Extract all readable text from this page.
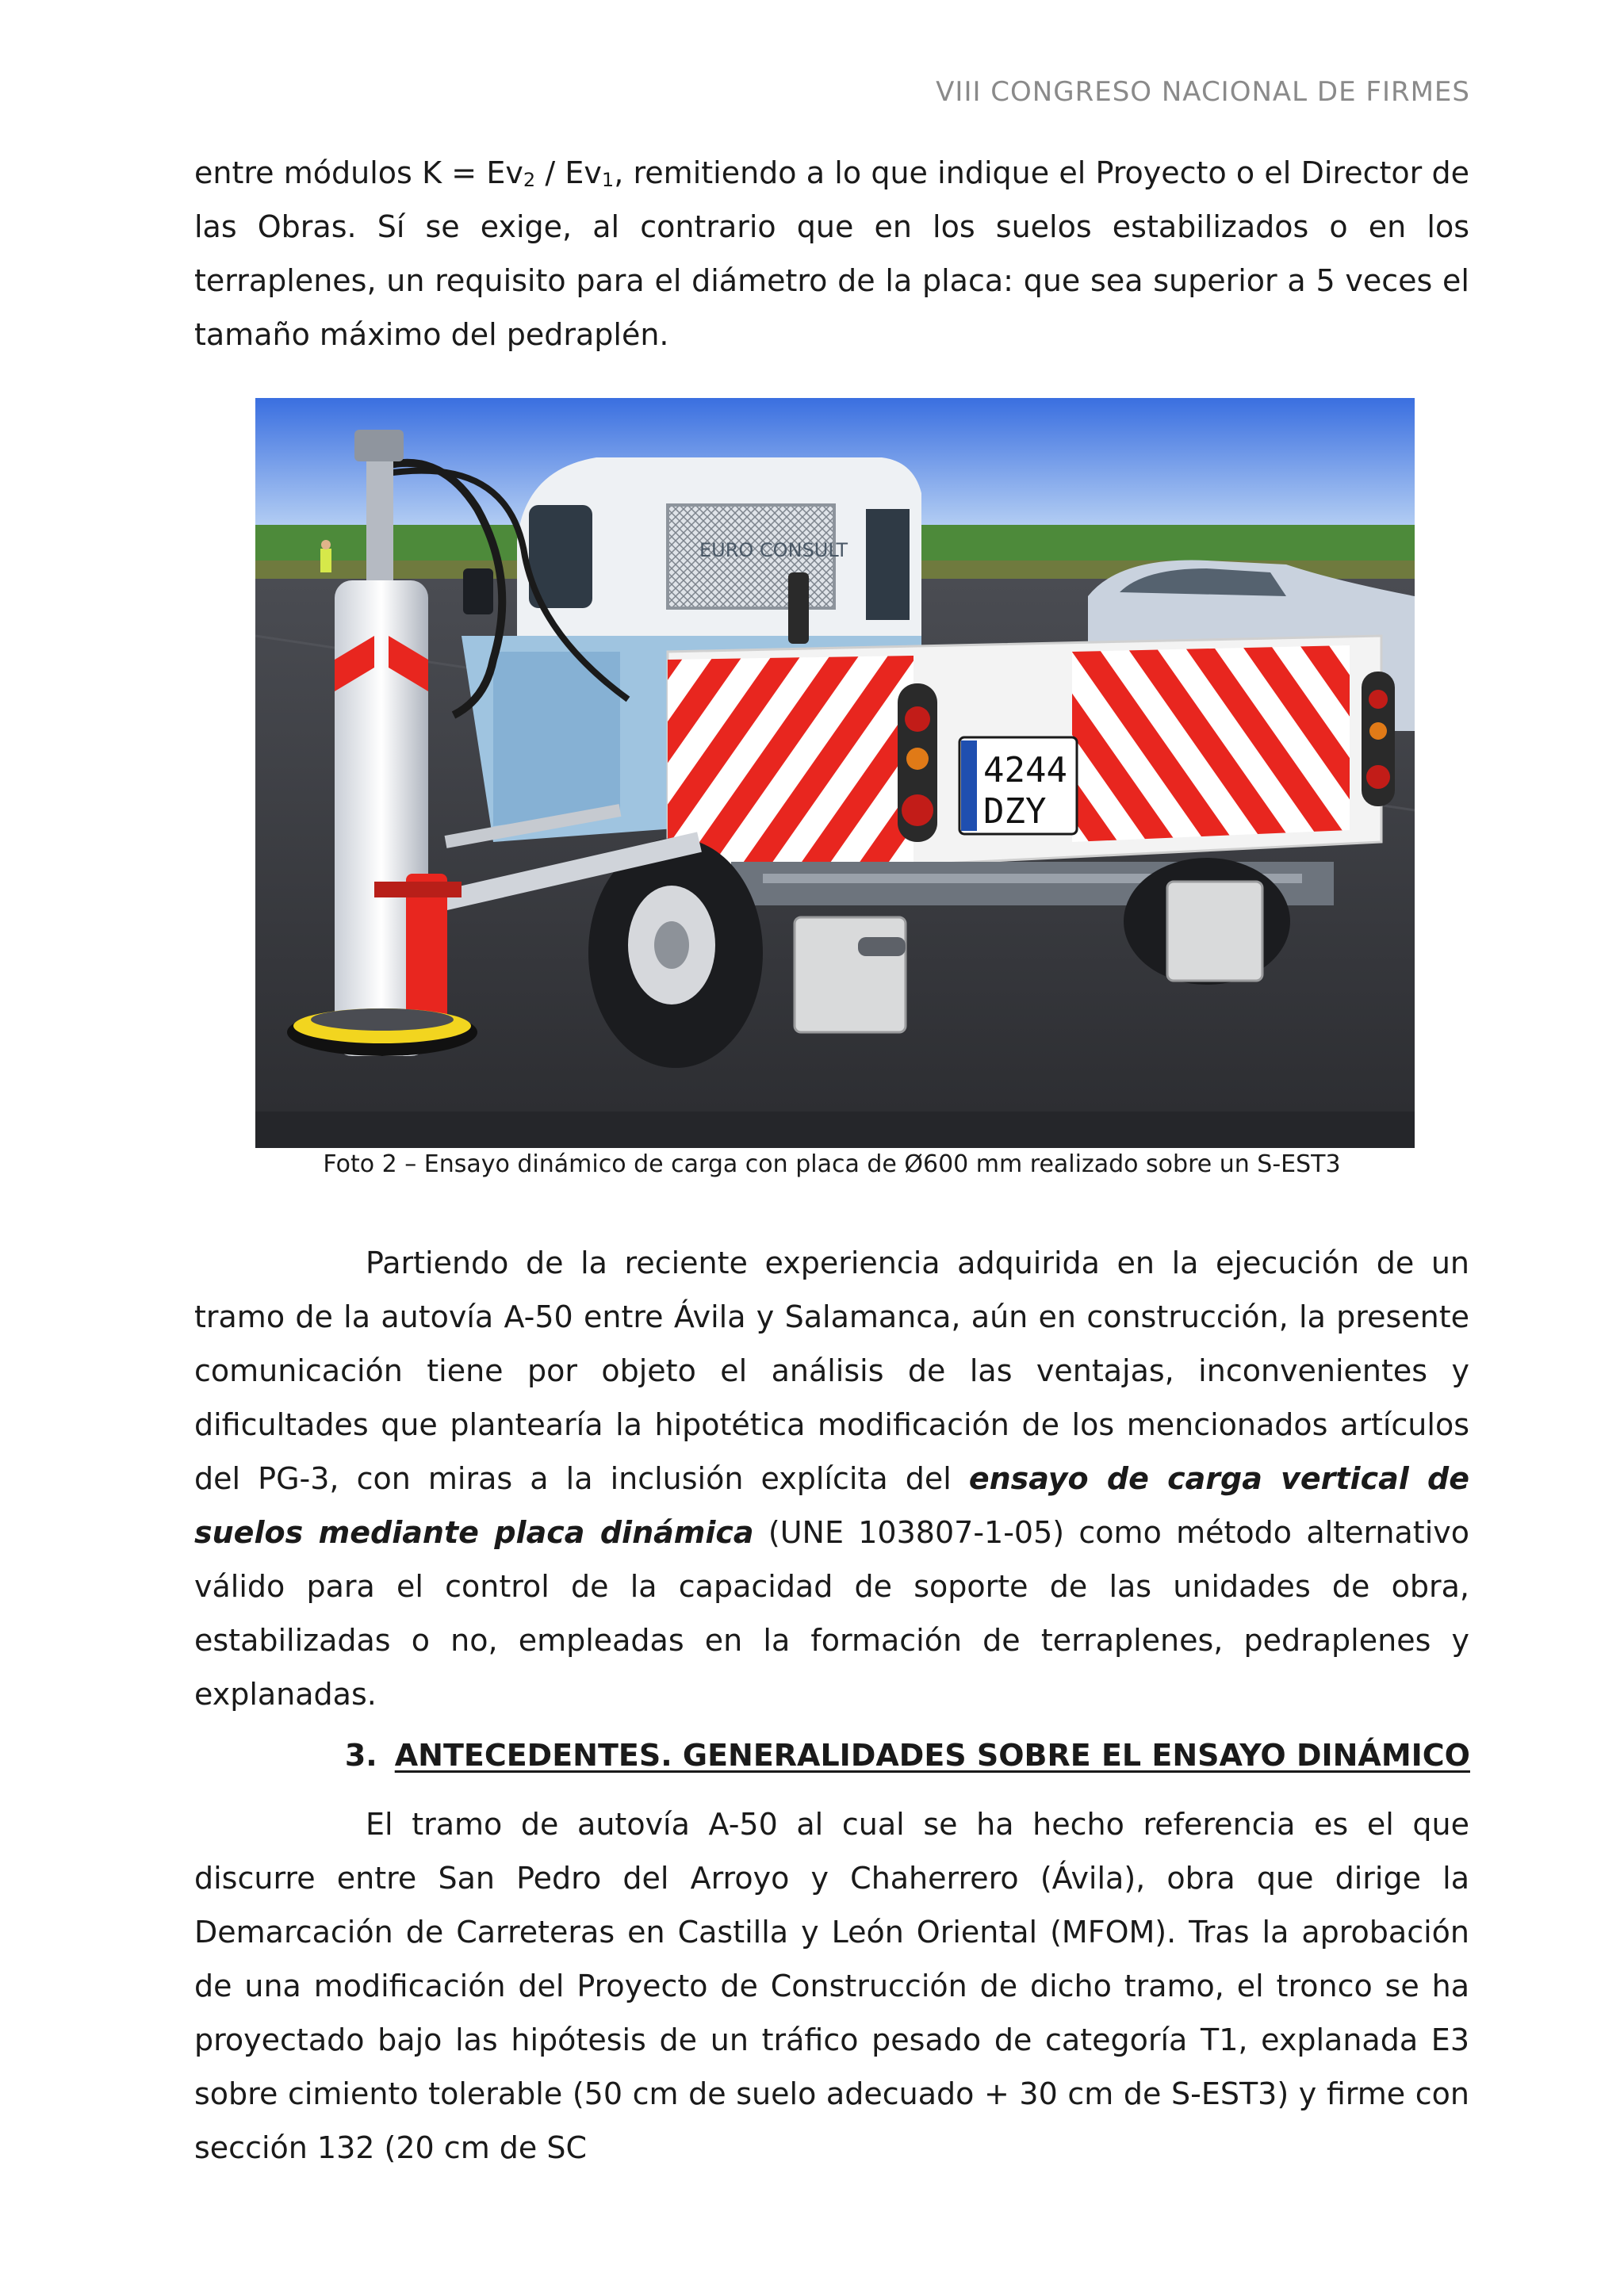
VIII CONGRESO NACIONAL DE FIRMES

entre módulos $K = Ev_2 / Ev_1$, remitiendo a lo que indique el Proyecto o el Director de las Obras. Sí se exige, al contrario que en los suelos estabilizados o en los terraplenes, un requisito para el diámetro de la placa: que sea superior a 5 veces el tamaño máximo del pedraplén.

EURO CONSULT
4244
DZY
Foto 2 – Ensayo dinámico de carga con placa de Ø600 mm realizado sobre un S-EST3

Partiendo de la reciente experiencia adquirida en la ejecución de un tramo de la autovía A-50 entre Ávila y Salamanca, aún en construcción, la presente comunicación tiene por objeto el análisis de las ventajas, inconvenientes y dificultades que plantearía la hipotética modificación de los mencionados artículos del PG-3, con miras a la inclusión explícita del ensayo de carga vertical de suelos mediante placa dinámica (UNE 103807-1-05) como método alternativo válido para el control de la capacidad de soporte de las unidades de obra, estabilizadas o no, empleadas en la formación de terraplenes, pedraplenes y explanadas.

3. ANTECEDENTES. GENERALIDADES SOBRE EL ENSAYO DINÁMICO

El tramo de autovía A-50 al cual se ha hecho referencia es el que discurre entre San Pedro del Arroyo y Chaherrero (Ávila), obra que dirige la Demarcación de Carreteras en Castilla y León Oriental (MFOM). Tras la aprobación de una modificación del Proyecto de Construcción de dicho tramo, el tronco se ha proyectado bajo las hipótesis de un tráfico pesado de categoría T1, explanada E3 sobre cimiento tolerable (50 cm de suelo adecuado + 30 cm de S-EST3) y firme con sección 132 (20 cm de SC
